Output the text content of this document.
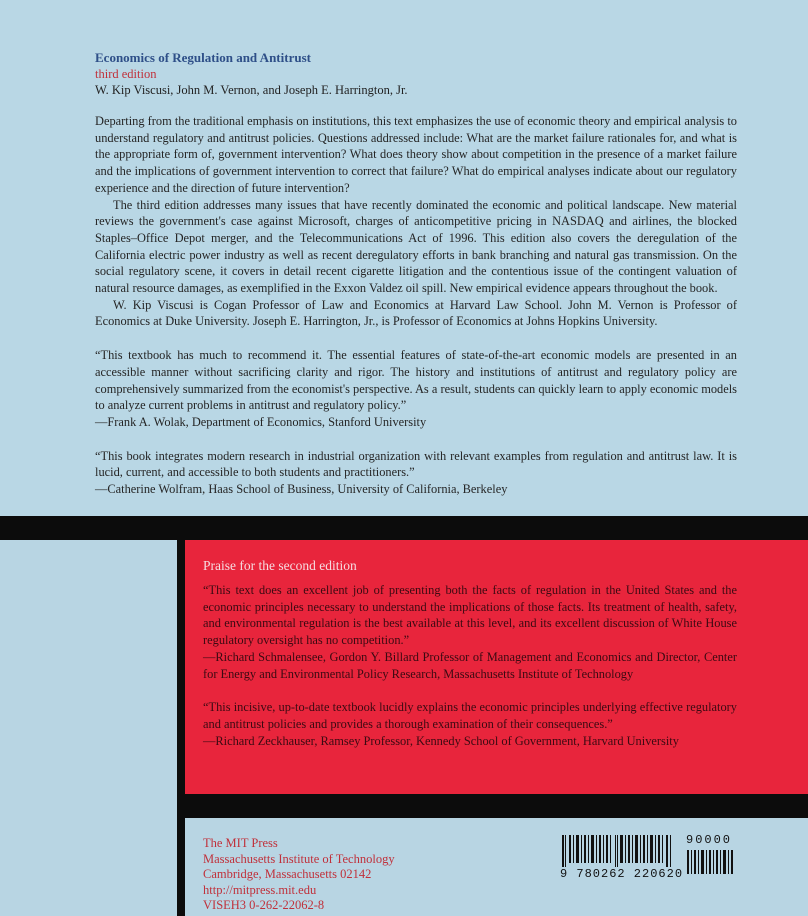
Economics of Regulation and Antitrust
third edition
W. Kip Viscusi, John M. Vernon, and Joseph E. Harrington, Jr.

Departing from the traditional emphasis on institutions, this text emphasizes the use of economic theory and empirical analysis to understand regulatory and antitrust policies. Questions addressed include: What are the market failure rationales for, and what is the appropriate form of, government intervention? What does theory show about competition in the presence of a market failure and the implications of government intervention to correct that failure? What do empirical analyses indicate about our regulatory experience and the direction of future intervention?

The third edition addresses many issues that have recently dominated the economic and political landscape. New material reviews the government's case against Microsoft, charges of anticompetitive pricing in NASDAQ and airlines, the blocked Staples–Office Depot merger, and the Telecommunications Act of 1996. This edition also covers the deregulation of the California electric power industry as well as recent deregulatory efforts in bank branching and natural gas transmission. On the social regulatory scene, it covers in detail recent cigarette litigation and the contentious issue of the contingent valuation of natural resource damages, as exemplified in the Exxon Valdez oil spill. New empirical evidence appears throughout the book.

W. Kip Viscusi is Cogan Professor of Law and Economics at Harvard Law School. John M. Vernon is Professor of Economics at Duke University. Joseph E. Harrington, Jr., is Professor of Economics at Johns Hopkins University.

“This textbook has much to recommend it. The essential features of state-of-the-art economic models are presented in an accessible manner without sacrificing clarity and rigor. The history and institutions of antitrust and regulatory policy are comprehensively summarized from the economist's perspective. As a result, students can quickly learn to apply economic models to analyze current problems in antitrust and regulatory policy.”
—Frank A. Wolak, Department of Economics, Stanford University

“This book integrates modern research in industrial organization with relevant examples from regulation and antitrust law. It is lucid, current, and accessible to both students and practitioners.”
—Catherine Wolfram, Haas School of Business, University of California, Berkeley

Praise for the second edition

“This text does an excellent job of presenting both the facts of regulation in the United States and the economic principles necessary to understand the implications of those facts. Its treatment of health, safety, and environmental regulation is the best available at this level, and its excellent discussion of White House regulatory oversight has no competition.”
—Richard Schmalensee, Gordon Y. Billard Professor of Management and Economics and Director, Center for Energy and Environmental Policy Research, Massachusetts Institute of Technology

“This incisive, up-to-date textbook lucidly explains the economic principles underlying effective regulatory and antitrust policies and provides a thorough examination of their consequences.”
—Richard Zeckhauser, Ramsey Professor, Kennedy School of Government, Harvard University

The MIT Press
Massachusetts Institute of Technology
Cambridge, Massachusetts 02142
http://mitpress.mit.edu
VISEH3 0-262-22062-8
9 780262 220620
90000
